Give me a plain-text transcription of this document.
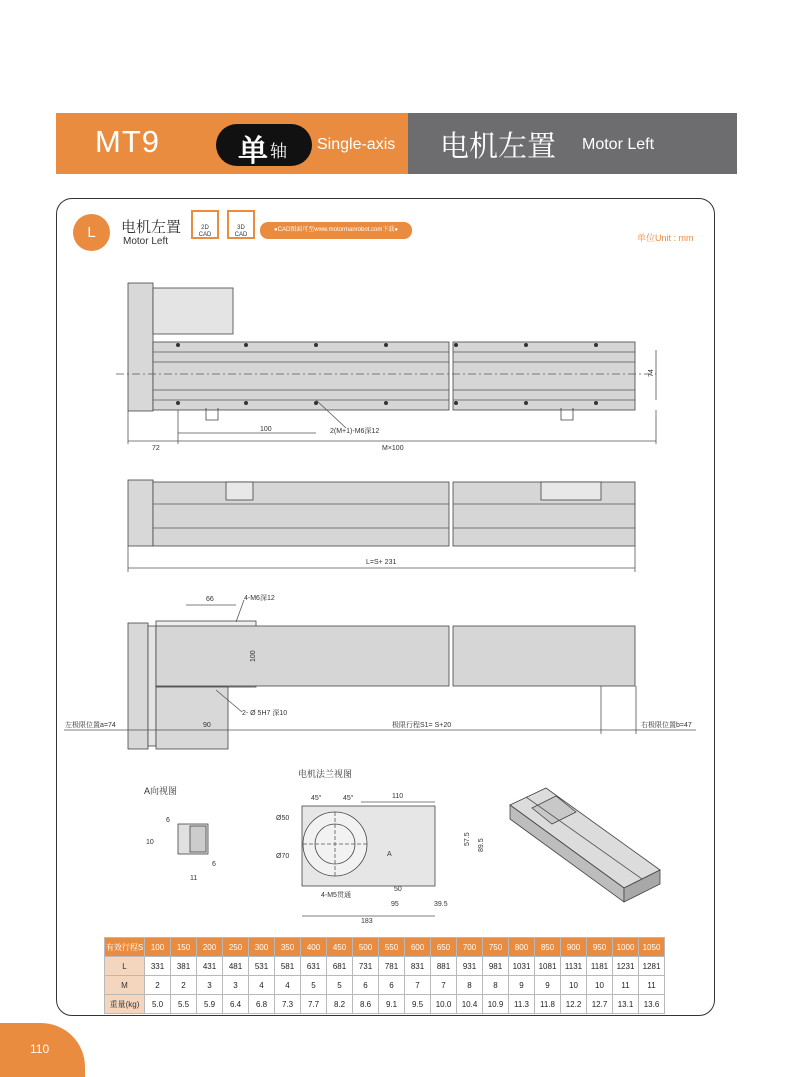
MT9	单 轴 Single-axis 电机左置 Motor Left
L	电机左置
Motor Left
2D
CAD
3D
CAD
●CAD图面可至www.motormanrobot.com下载●
单位Unit : mm
74
100	2(M+1)-M6深12
72	M×100
L=S+ 231
66	4-M6深12
100
2- Ø 5H7 深10
左极限位置a=74	90	极限行程S1= S+20	右极限位置b=47
A向视图
6
10
6
11
电机法兰视图
45°	45°	110
Ø50
Ø70
57.5 89.5
A
50
4-M5贯通
95	39.5
183
有效行程S	100	150	200	250	300	350	400	450	500	550	600	650	700	750	800	850	900	950	1000	1050
L	331	381	431	481	531	581	631	681	731	781	831	881	931	981	1031	1081	1131	1181	1231	1281
M	2	2	3	3	4	4	5	5	6	6	7	7	8	8	9	9	10	10	11	11
重量(kg)	5.0	5.5	5.9	6.4	6.8	7.3	7.7	8.2	8.6	9.1	9.5	10.0	10.4	10.9	11.3	11.8	12.2	12.7	13.1	13.6
110
